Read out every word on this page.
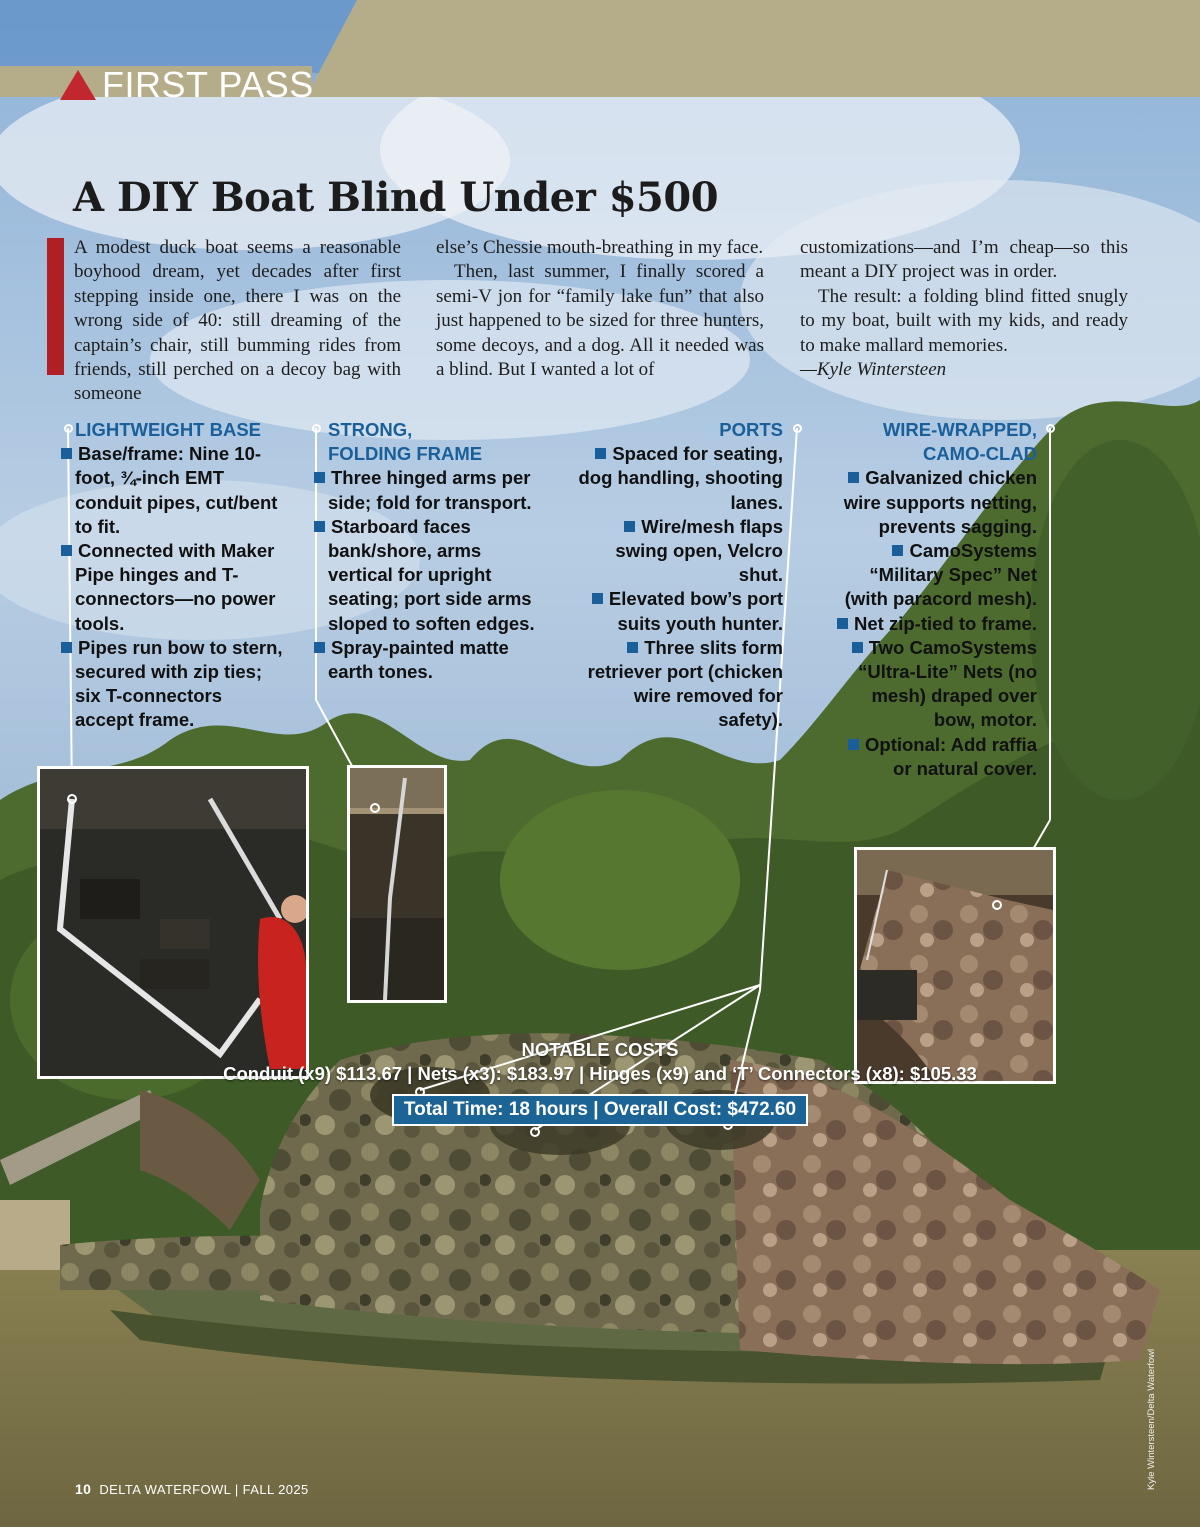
FIRST PASS
A DIY Boat Blind Under $500

A modest duck boat seems a reasonable boyhood dream, yet decades after first stepping inside one, there I was on the wrong side of 40: still dreaming of the captain’s chair, still bumming rides from friends, still perched on a decoy bag with someone

else’s Chessie mouth-breathing in my face.

Then, last summer, I finally scored a semi-V jon for “family lake fun” that also just happened to be sized for three hunters, some decoys, and a dog. All it needed was a blind. But I wanted a lot of

customizations—and I’m cheap—so this meant a DIY project was in order.

The result: a folding blind fitted snugly to my boat, built with my kids, and ready to make mallard memories.

—Kyle Wintersteen

LIGHTWEIGHT BASE
Base/frame: Nine 10-foot, ¾-inch EMT conduit pipes, cut/bent to fit.
Connected with Maker Pipe hinges and T-connectors—no power tools.
Pipes run bow to stern, secured with zip ties; six T-connectors accept frame.
STRONG,
FOLDING FRAME
Three hinged arms per side; fold for transport.
Starboard faces bank/shore, arms vertical for upright seating; port side arms sloped to soften edges.
Spray-painted matte earth tones.
PORTS
Spaced for seating, dog handling, shooting lanes.
Wire/mesh flaps swing open, Velcro shut.
Elevated bow’s port suits youth hunter.
Three slits form retriever port (chicken wire removed for safety).
WIRE-WRAPPED,
CAMO-CLAD
Galvanized chicken wire supports netting, prevents sagging.
CamoSystems “Military Spec” Net (with paracord mesh).
Net zip-tied to frame.
Two CamoSystems “Ultra-Lite” Nets (no mesh) draped over bow, motor.
Optional: Add raffia or natural cover.
NOTABLE COSTS
Conduit (x9) $113.67 | Nets (x3): $183.97 | Hinges (x9) and ‘T’ Connectors (x8): $105.33
Total Time: 18 hours | Overall Cost: $472.60
10 DELTA WATERFOWL | FALL 2025	Kyle Wintersteen/Delta Waterfowl
